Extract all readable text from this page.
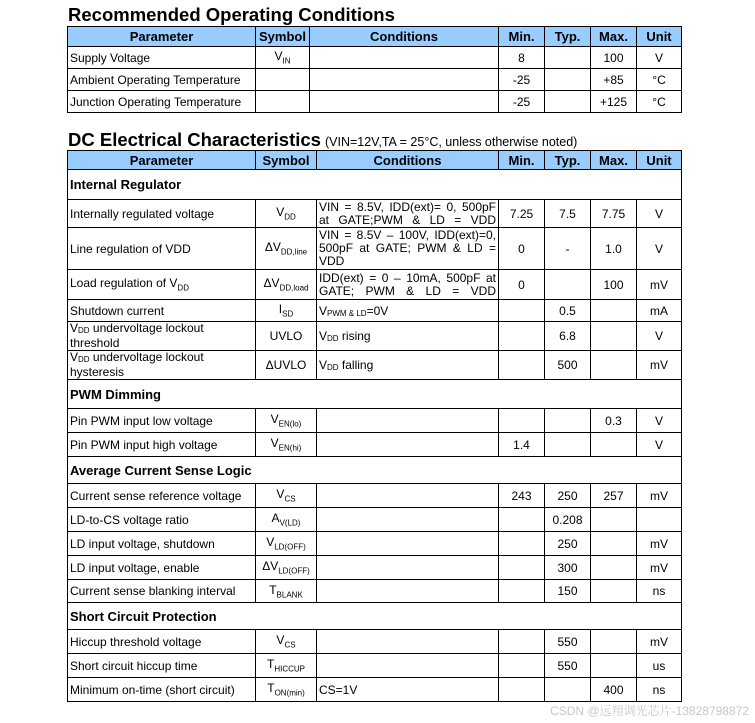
Recommended Operating Conditions
Parameter	Symbol	Conditions	Min.	Typ.	Max.	Unit
Supply Voltage	$V_{IN}$		8		100	V
Ambient Operating Temperature			-25		+85	°C
Junction Operating Temperature			-25		+125	°C
DC Electrical Characteristics (VIN=12V,TA = 25°C, unless otherwise noted)
Parameter	Symbol	Conditions	Min.	Typ.	Max.	Unit
Internal Regulator						
Internally regulated voltage	$V_{DD}$	VIN = 8.5V, IDD(ext)= 0, 500pF at GATE;PWM & LD = VDD	7.25	7.5	7.75	V
Line regulation of VDD	$\Delta V_{DD,line}$	VIN = 8.5V – 100V, IDD(ext)=0, 500pF at GATE; PWM & LD = VDD	0	-	1.0	V
Load regulation of $V_{DD}$	$\Delta V_{DD,load}$	IDD(ext) = 0 – 10mA, 500pF at GATE; PWM & LD = VDD	0		100	mV
Shutdown current	$I_{SD}$	VPWM & LD=0V		0.5		mA
VDD undervoltage lockout threshold	UVLO	VDD rising		6.8		V
VDD undervoltage lockout hysteresis	ΔUVLO	VDD falling		500		mV
PWM Dimming						
Pin PWM input low voltage	$V_{EN(lo)}$				0.3	V
Pin PWM input high voltage	$V_{EN(hi)}$		1.4			V
Average Current Sense Logic						
Current sense reference voltage	$V_{CS}$		243	250	257	mV
LD-to-CS voltage ratio	$A_{V(LD)}$			0.208		
LD input voltage, shutdown	$V_{LD(OFF)}$			250		mV
LD input voltage, enable	$\Delta V_{LD(OFF)}$			300		mV
Current sense blanking interval	$T_{BLANK}$			150		ns
Short Circuit Protection						
Hiccup threshold voltage	$V_{CS}$			550		mV
Short circuit hiccup time	$T_{HICCUP}$			550		us
Minimum on-time (short circuit)	$T_{ON(min)}$	CS=1V			400	ns
CSDN @远翔调光芯片-13828798872
